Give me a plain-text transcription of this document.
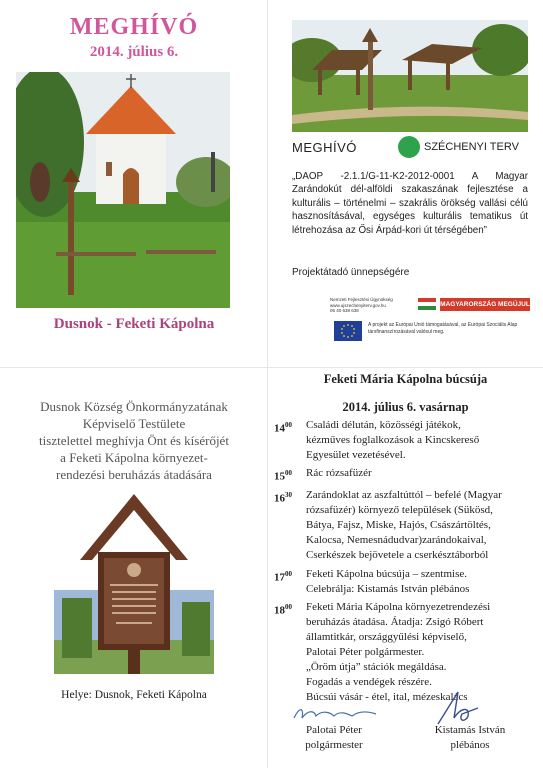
MEGHÍVÓ
2014. július 6.
Dusnok - Feketi Kápolna
MEGHÍVÓ	SZÉCHENYI TERV
„DAOP -2.1.1/G-11-K2-2012-0001 A Magyar Zarándokút dél-alföldi szakaszának fejlesztése a kulturális – történelmi – szakrális örökség vallási célú hasznosításával, egységes kulturális tematikus út létrehozása az Ősi Árpád-kori út térségében”
Projektátadó ünnepségére
Nemzeti Fejlesztési Ügynökség
www.ujszechenyiterv.gov.hu
06 40 638 638
MAGYARORSZÁG MEGÚJUL
A projekt az Európai Unió támogatásával, az Európai Szociális Alap társfinanszírozásával valósul meg.
Dusnok Község Önkormányzatának
Képviselő Testülete
tisztelettel meghívja Önt és kísérőjét
a Feketi Kápolna környezet-
rendezési beruházás átadására
Helye: Dusnok, Feketi Kápolna
Feketi Mária Kápolna búcsúja
2014. július 6. vasárnap
$14^{00}$	Családi délután, közösségi játékok,
kézműves foglalkozások a Kincskereső
Egyesület vezetésével.
$15^{00}$	Rác rózsafüzér
$16^{30}$	Zarándoklat az aszfaltúttól – befelé (Magyar
rózsafüzér) környező települések (Sükösd,
Bátya, Fajsz, Miske, Hajós, Császártöltés,
Kalocsa, Nemesnádudvar)zarándokaival,
Cserkészek bejövetele a cserkésztáborból
$17^{00}$	Feketi Kápolna búcsúja – szentmise.
Celebrálja: Kistamás István plébános
$18^{00}$	Feketi Mária Kápolna környezetrendezési
beruházás átadása. Átadja: Zsigó Róbert
államtitkár, országgyűlési képviselő,
Palotai Péter polgármester.
„Öröm útja” stációk megáldása.
Fogadás a vendégek részére.
Búcsúi vásár - étel, ital, mézeskalács
Palotai Péter
polgármester
Kistamás István
plébános
